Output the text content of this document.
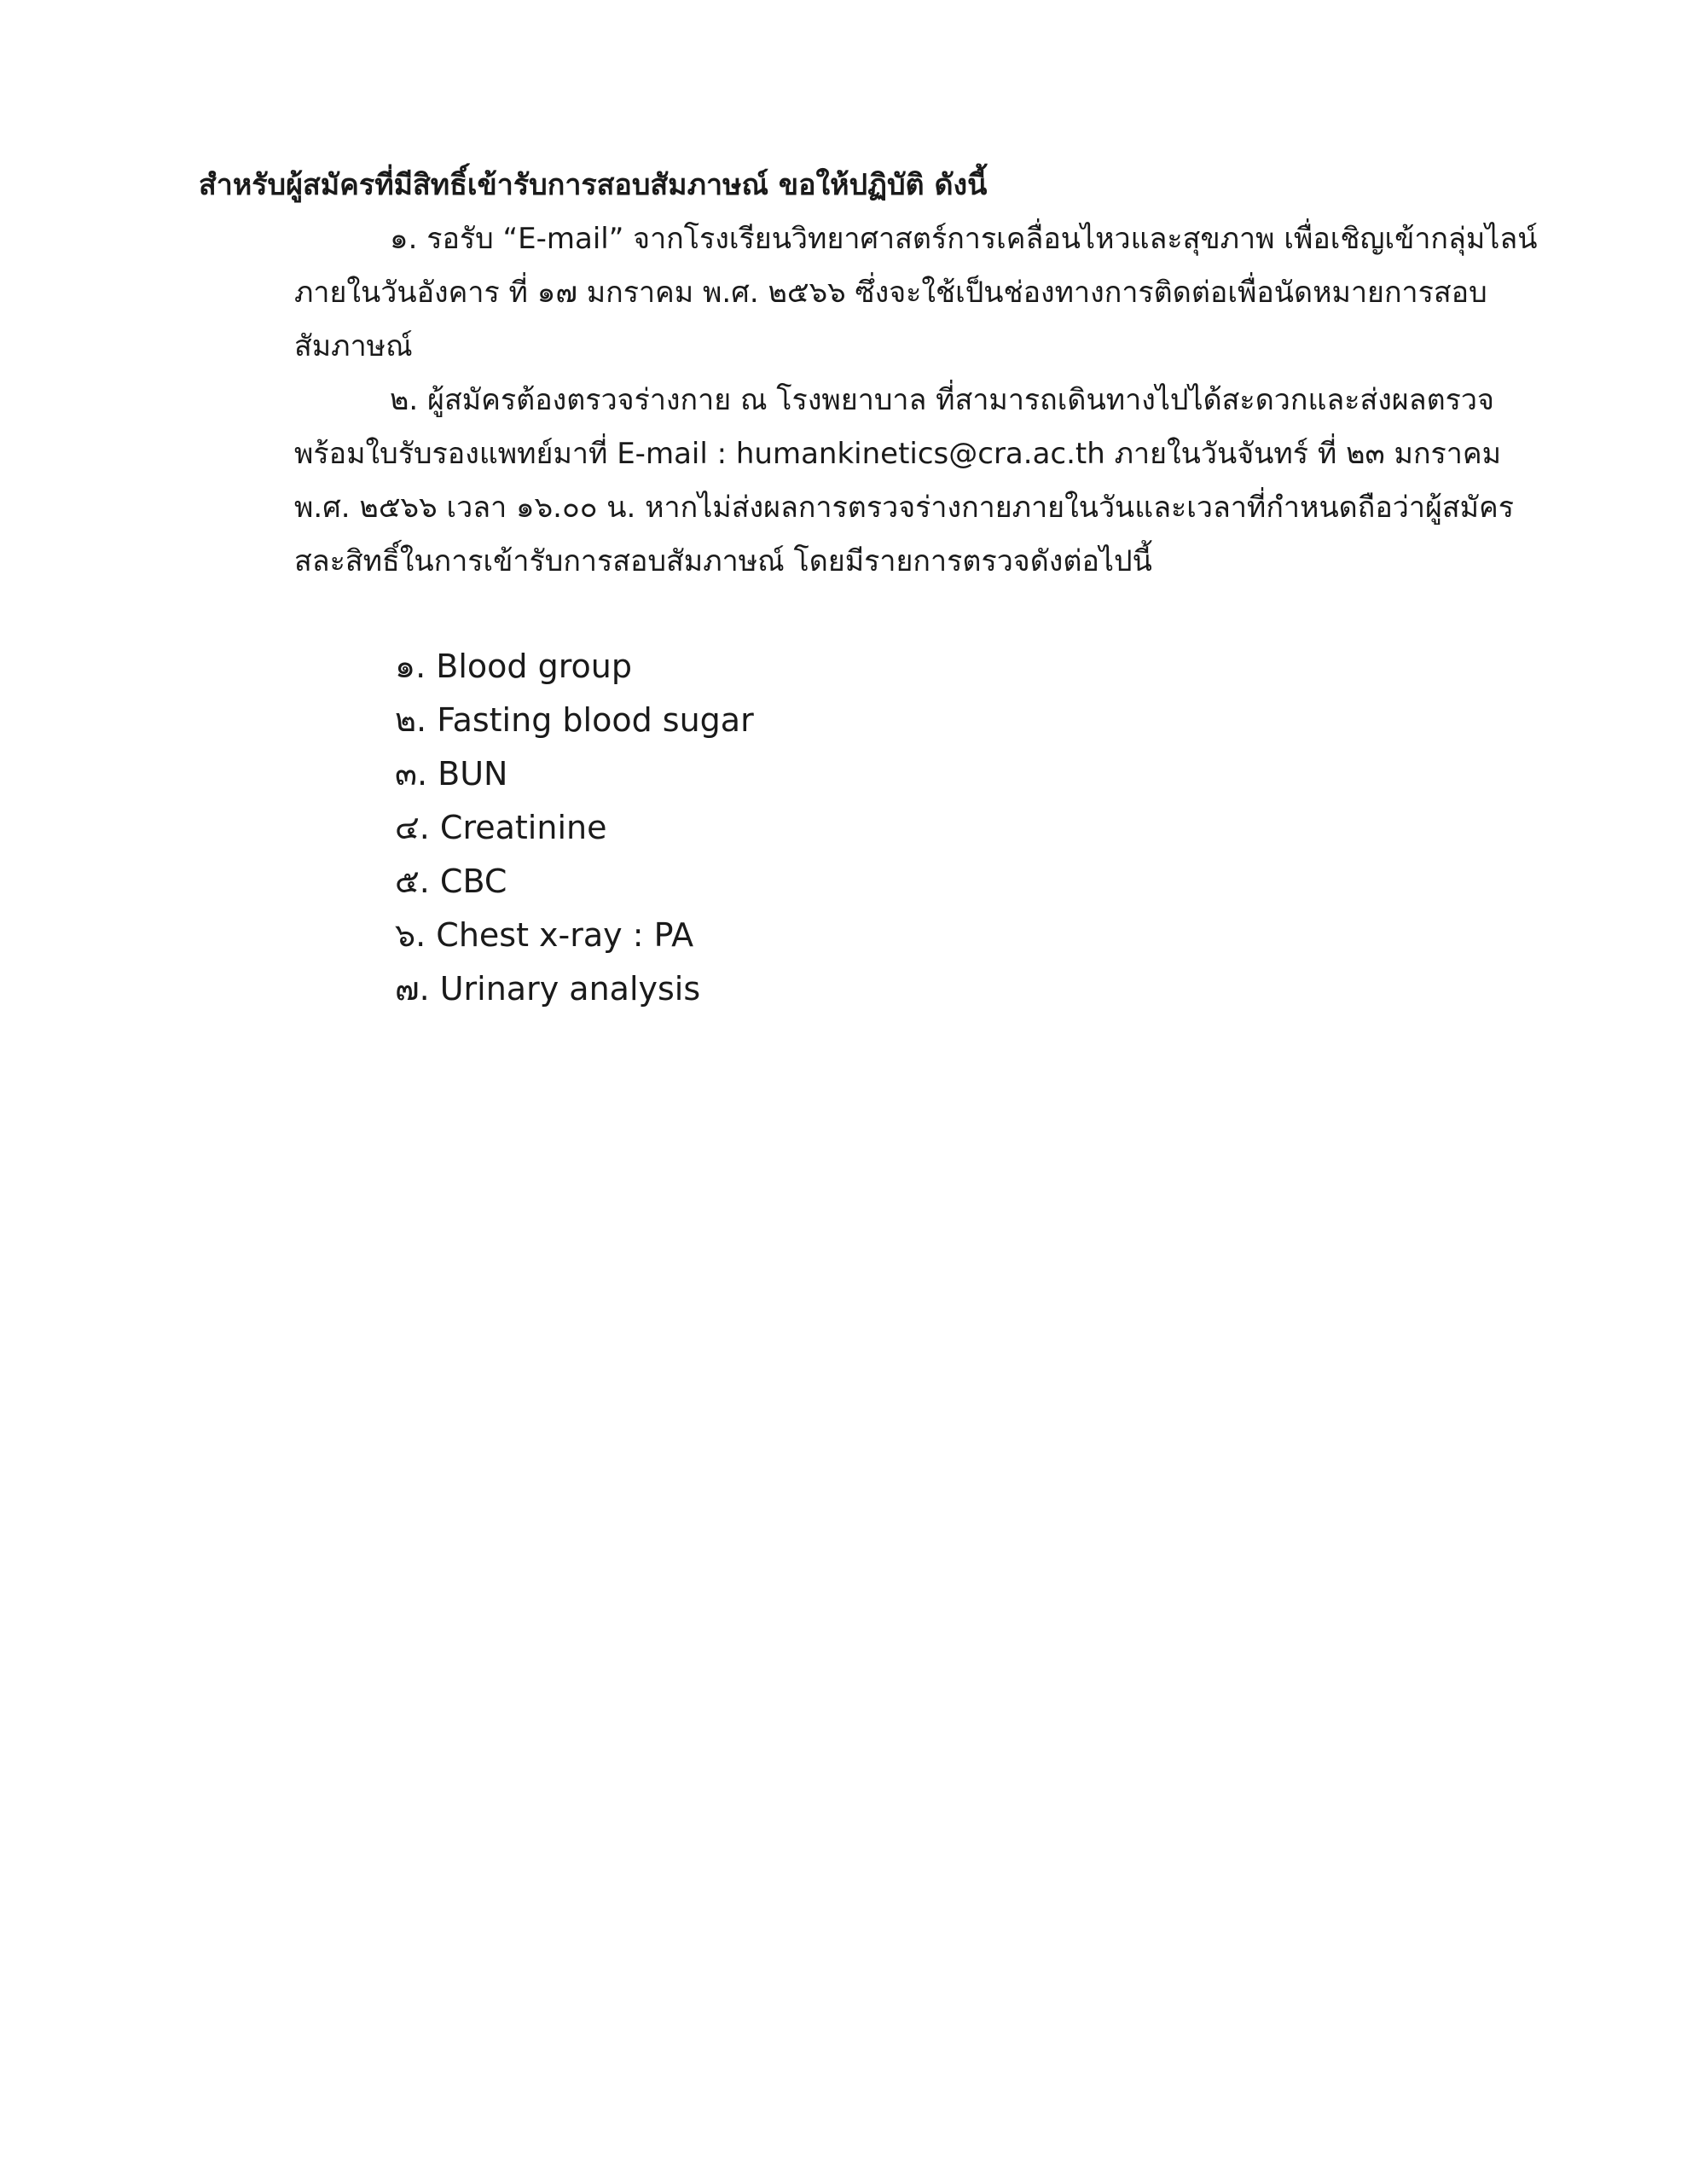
สำหรับผู้สมัครที่มีสิทธิ์เข้ารับการสอบสัมภาษณ์ ขอให้ปฏิบัติ ดังนี้

๑. รอรับ “E-mail” จากโรงเรียนวิทยาศาสตร์การเคลื่อนไหวและสุขภาพ เพื่อเชิญเข้ากลุ่มไลน์
ภายในวันอังคาร ที่ ๑๗ มกราคม พ.ศ. ๒๕๖๖ ซึ่งจะใช้เป็นช่องทางการติดต่อเพื่อนัดหมายการสอบ
สัมภาษณ์
๒. ผู้สมัครต้องตรวจร่างกาย ณ โรงพยาบาล ที่สามารถเดินทางไปได้สะดวกและส่งผลตรวจ
พร้อมใบรับรองแพทย์มาที่ E-mail : humankinetics@cra.ac.th ภายในวันจันทร์ ที่ ๒๓ มกราคม
พ.ศ. ๒๕๖๖ เวลา ๑๖.๐๐ น. หากไม่ส่งผลการตรวจร่างกายภายในวันและเวลาที่กำหนดถือว่าผู้สมัคร
สละสิทธิ์ในการเข้ารับการสอบสัมภาษณ์ โดยมีรายการตรวจดังต่อไปนี้
๑. Blood group
๒. Fasting blood sugar
๓. BUN
๔. Creatinine
๕. CBC
๖. Chest x-ray : PA
๗. Urinary analysis
